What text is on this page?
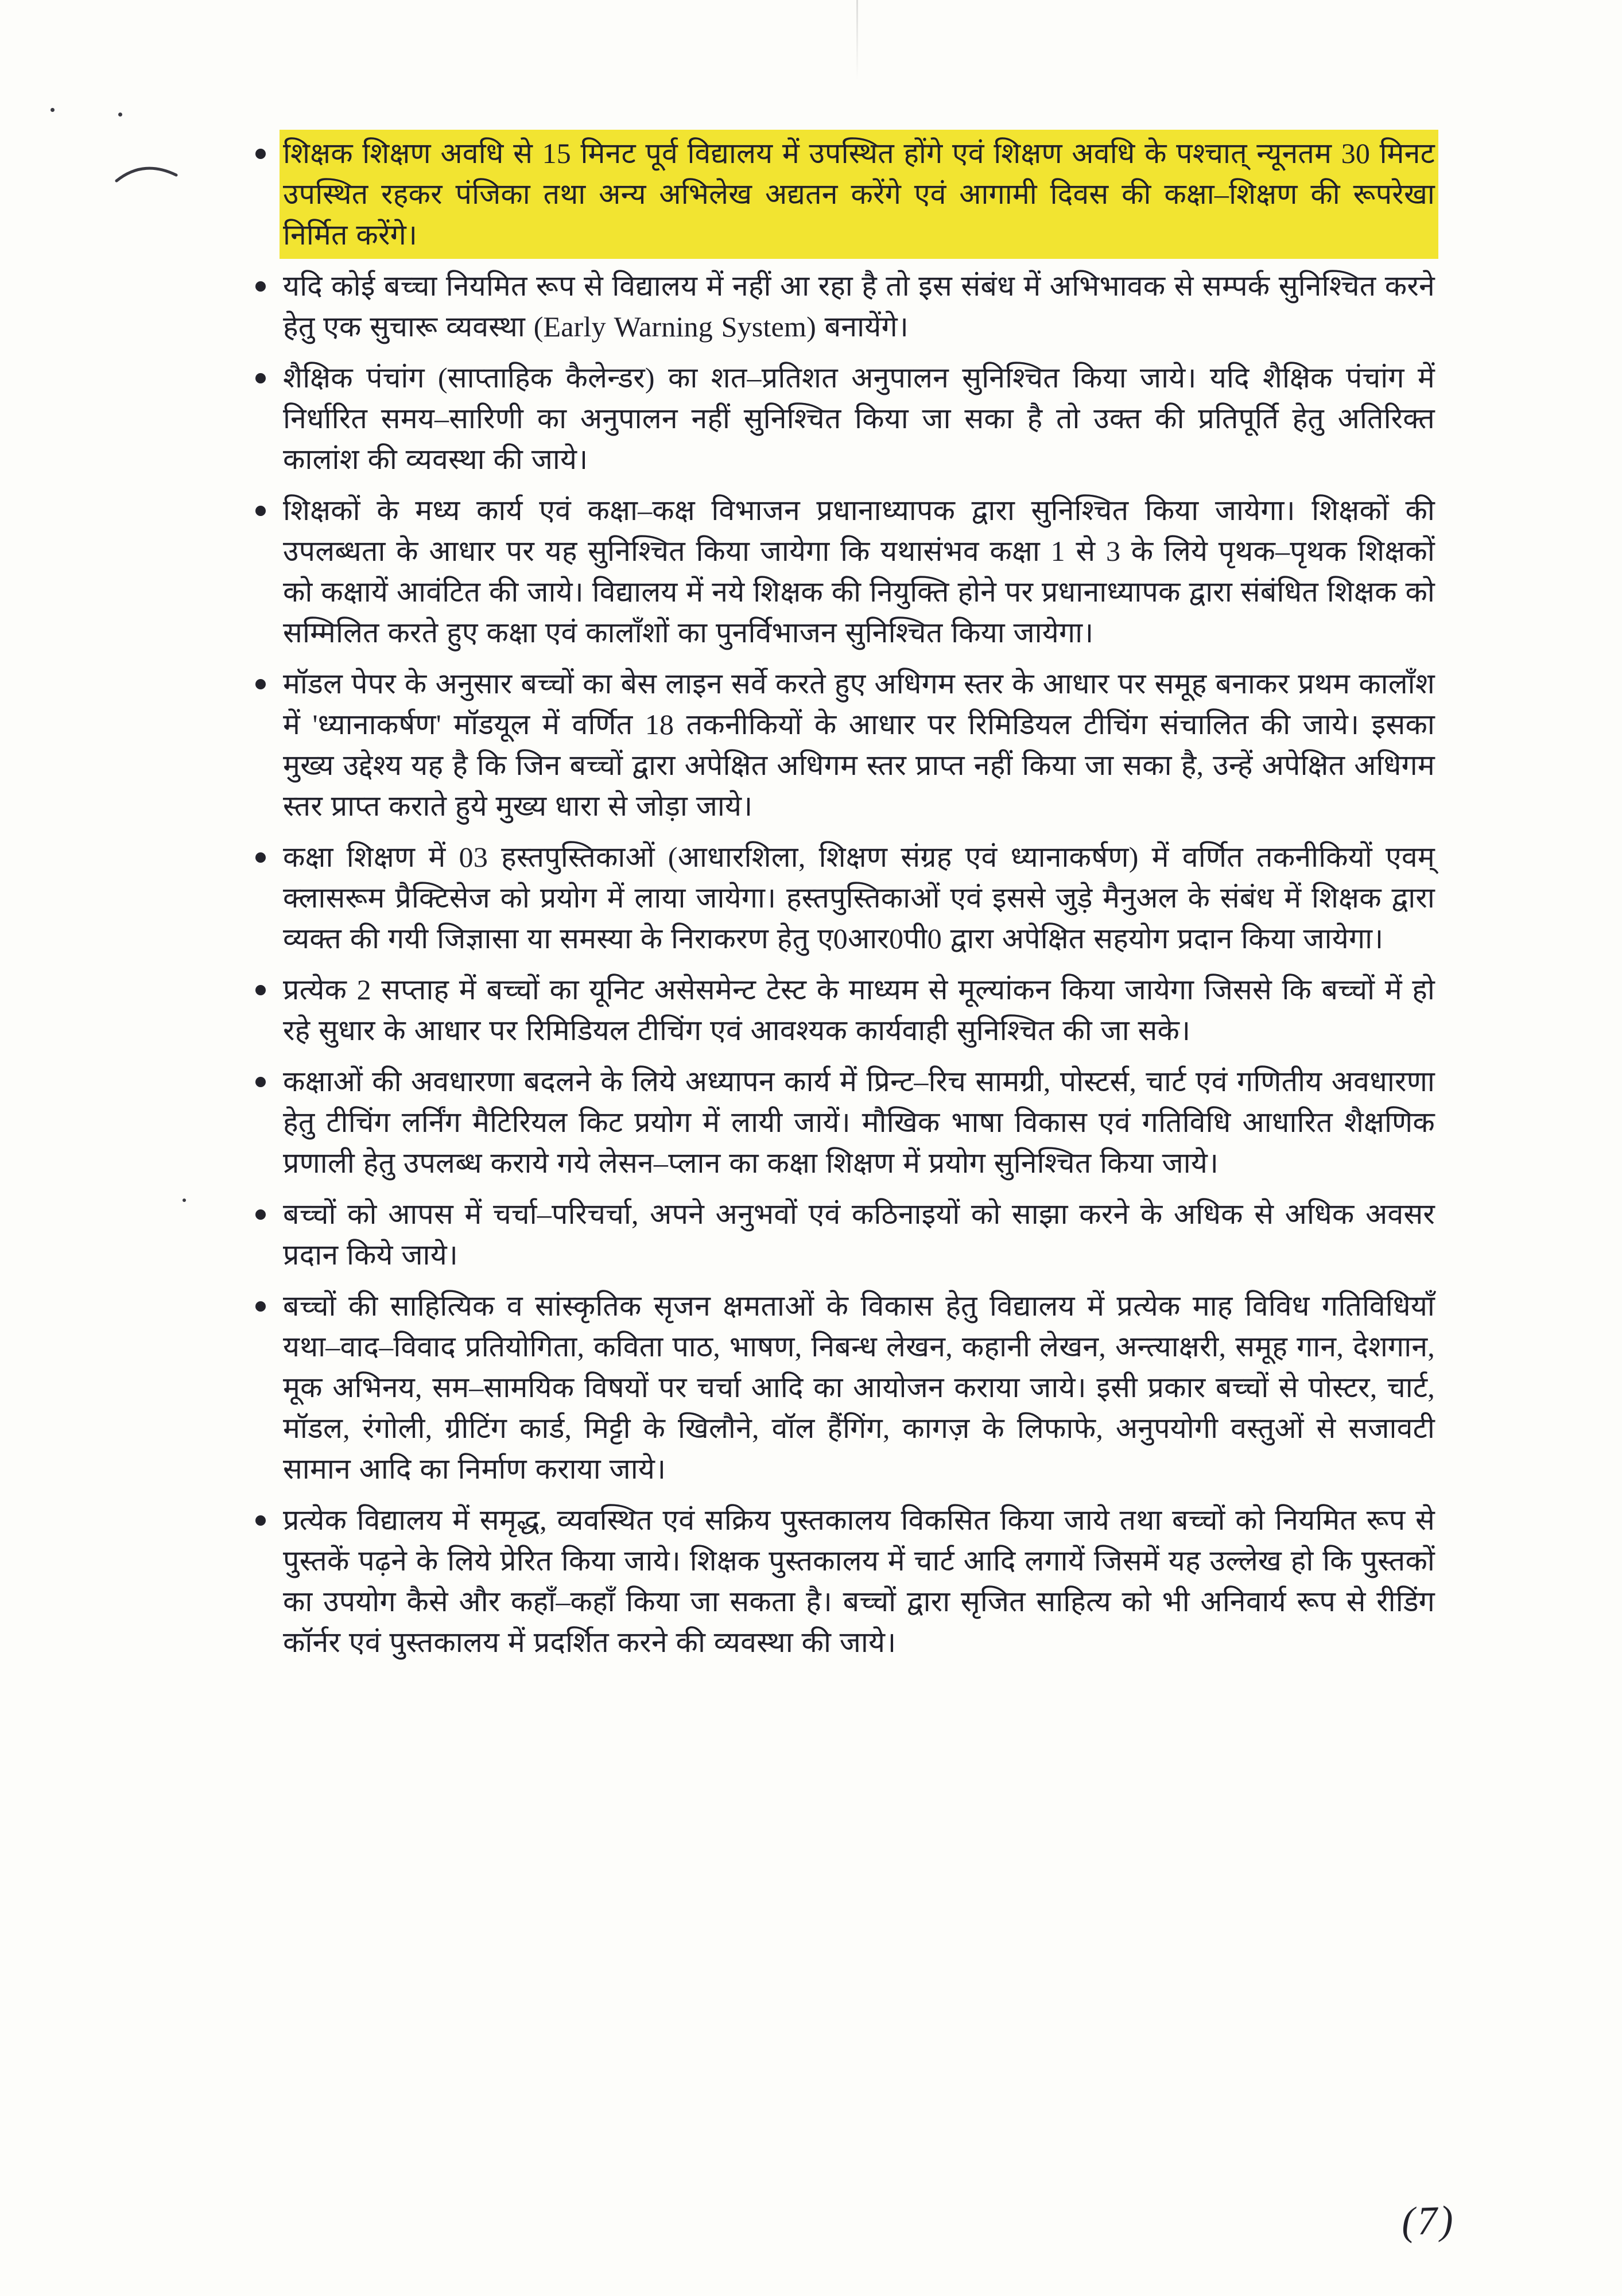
शिक्षक शिक्षण अवधि से 15 मिनट पूर्व विद्यालय में उपस्थित होंगे एवं शिक्षण अवधि के पश्चात् न्यूनतम 30 मिनट उपस्थित रहकर पंजिका तथा अन्य अभिलेख अद्यतन करेंगे एवं आगामी दिवस की कक्षा–शिक्षण की रूपरेखा निर्मित करेंगे।
यदि कोई बच्चा नियमित रूप से विद्यालय में नहीं आ रहा है तो इस संबंध में अभिभावक से सम्पर्क सुनिश्चित करने हेतु एक सुचारू व्यवस्था (Early Warning System) बनायेंगे।
शैक्षिक पंचांग (साप्ताहिक कैलेन्डर) का शत–प्रतिशत अनुपालन सुनिश्चित किया जाये। यदि शैक्षिक पंचांग में निर्धारित समय–सारिणी का अनुपालन नहीं सुनिश्चित किया जा सका है तो उक्त की प्रतिपूर्ति हेतु अतिरिक्त कालांश की व्यवस्था की जाये।
शिक्षकों के मध्य कार्य एवं कक्षा–कक्ष विभाजन प्रधानाध्यापक द्वारा सुनिश्चित किया जायेगा। शिक्षकों की उपलब्धता के आधार पर यह सुनिश्चित किया जायेगा कि यथासंभव कक्षा 1 से 3 के लिये पृथक–पृथक शिक्षकों को कक्षायें आवंटित की जाये। विद्यालय में नये शिक्षक की नियुक्ति होने पर प्रधानाध्यापक द्वारा संबंधित शिक्षक को सम्मिलित करते हुए कक्षा एवं कालाँशों का पुनर्विभाजन सुनिश्चित किया जायेगा।
मॉडल पेपर के अनुसार बच्चों का बेस लाइन सर्वे करते हुए अधिगम स्तर के आधार पर समूह बनाकर प्रथम कालाँश में 'ध्यानाकर्षण' मॉडयूल में वर्णित 18 तकनीकियों के आधार पर रिमिडियल टीचिंग संचालित की जाये। इसका मुख्य उद्देश्य यह है कि जिन बच्चों द्वारा अपेक्षित अधिगम स्तर प्राप्त नहीं किया जा सका है, उन्हें अपेक्षित अधिगम स्तर प्राप्त कराते हुये मुख्य धारा से जोड़ा जाये।
कक्षा शिक्षण में 03 हस्तपुस्तिकाओं (आधारशिला, शिक्षण संग्रह एवं ध्यानाकर्षण) में वर्णित तकनीकियों एवम् क्लासरूम प्रैक्टिसेज को प्रयोग में लाया जायेगा। हस्तपुस्तिकाओं एवं इससे जुड़े मैनुअल के संबंध में शिक्षक द्वारा व्यक्त की गयी जिज्ञासा या समस्या के निराकरण हेतु ए0आर0पी0 द्वारा अपेक्षित सहयोग प्रदान किया जायेगा।
प्रत्येक 2 सप्ताह में बच्चों का यूनिट असेसमेन्ट टेस्ट के माध्यम से मूल्यांकन किया जायेगा जिससे कि बच्चों में हो रहे सुधार के आधार पर रिमिडियल टीचिंग एवं आवश्यक कार्यवाही सुनिश्चित की जा सके।
कक्षाओं की अवधारणा बदलने के लिये अध्यापन कार्य में प्रिन्ट–रिच सामग्री, पोस्टर्स, चार्ट एवं गणितीय अवधारणा हेतु टीचिंग लर्निंग मैटिरियल किट प्रयोग में लायी जायें। मौखिक भाषा विकास एवं गतिविधि आधारित शैक्षणिक प्रणाली हेतु उपलब्ध कराये गये लेसन–प्लान का कक्षा शिक्षण में प्रयोग सुनिश्चित किया जाये।
बच्चों को आपस में चर्चा–परिचर्चा, अपने अनुभवों एवं कठिनाइयों को साझा करने के अधिक से अधिक अवसर प्रदान किये जाये।
बच्चों की साहित्यिक व सांस्कृतिक सृजन क्षमताओं के विकास हेतु विद्यालय में प्रत्येक माह विविध गतिविधियाँ यथा–वाद–विवाद प्रतियोगिता, कविता पाठ, भाषण, निबन्ध लेखन, कहानी लेखन, अन्त्याक्षरी, समूह गान, देशगान, मूक अभिनय, सम–सामयिक विषयों पर चर्चा आदि का आयोजन कराया जाये। इसी प्रकार बच्चों से पोस्टर, चार्ट, मॉडल, रंगोली, ग्रीटिंग कार्ड, मिट्टी के खिलौने, वॉल हैंगिंग, कागज़ के लिफाफे, अनुपयोगी वस्तुओं से सजावटी सामान आदि का निर्माण कराया जाये।
प्रत्येक विद्यालय में समृद्ध, व्यवस्थित एवं सक्रिय पुस्तकालय विकसित किया जाये तथा बच्चों को नियमित रूप से पुस्तकें पढ़ने के लिये प्रेरित किया जाये। शिक्षक पुस्तकालय में चार्ट आदि लगायें जिसमें यह उल्लेख हो कि पुस्तकों का उपयोग कैसे और कहाँ–कहाँ किया जा सकता है। बच्चों द्वारा सृजित साहित्य को भी अनिवार्य रूप से रीडिंग कॉर्नर एवं पुस्तकालय में प्रदर्शित करने की व्यवस्था की जाये।
(7)
